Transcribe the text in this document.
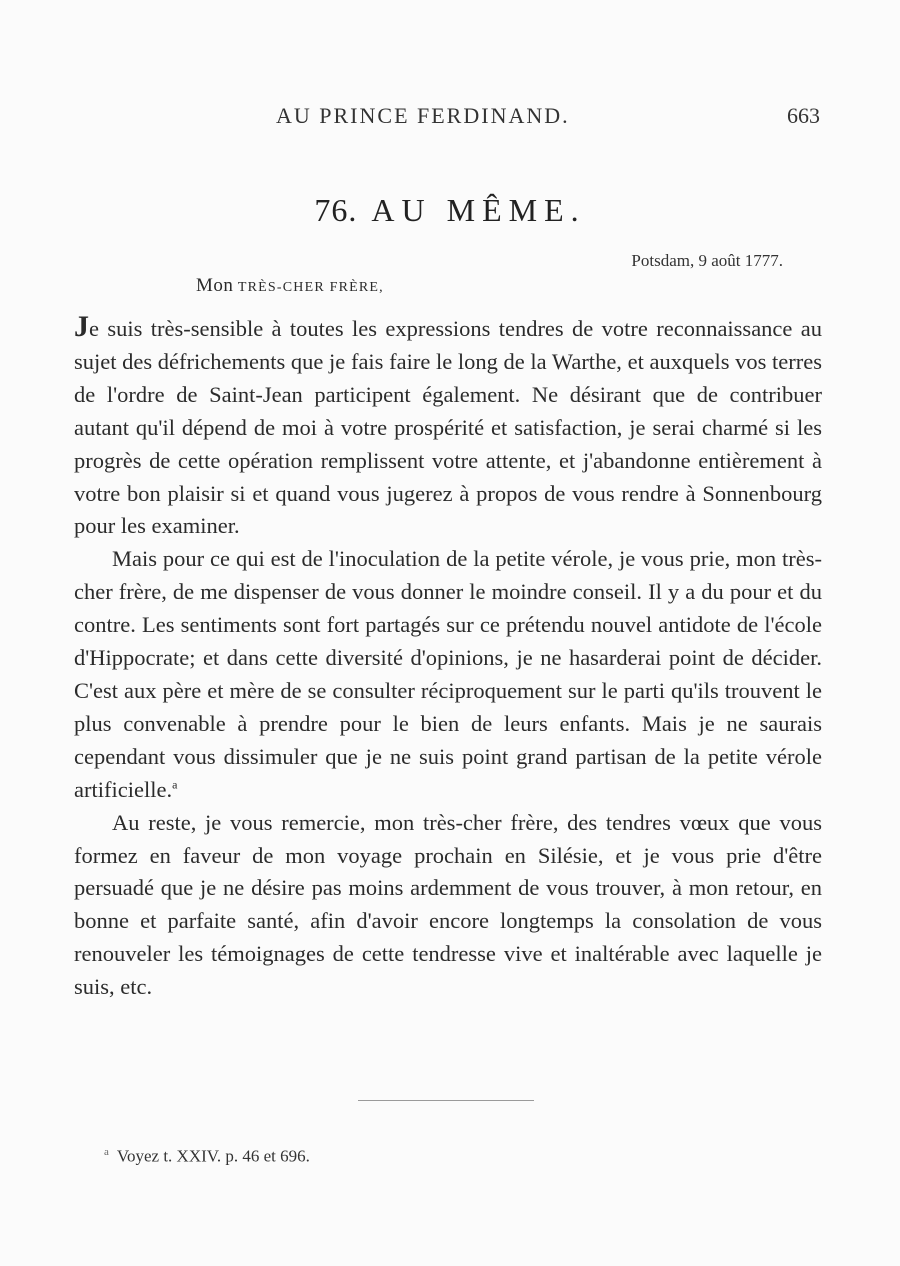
AU PRINCE FERDINAND.	663
76. AU MÊME.
Potsdam, 9 août 1777.
Mon TRÈS-CHER FRÈRE,

Je suis très-sensible à toutes les expressions tendres de votre reconnaissance au sujet des défrichements que je fais faire le long de la Warthe, et auxquels vos terres de l'ordre de Saint-Jean participent également. Ne désirant que de contribuer autant qu'il dépend de moi à votre prospérité et satisfaction, je serai charmé si les progrès de cette opération remplissent votre attente, et j'abandonne entièrement à votre bon plaisir si et quand vous jugerez à propos de vous rendre à Sonnenbourg pour les examiner.

Mais pour ce qui est de l'inoculation de la petite vérole, je vous prie, mon très-cher frère, de me dispenser de vous donner le moindre conseil. Il y a du pour et du contre. Les sentiments sont fort partagés sur ce prétendu nouvel antidote de l'école d'Hippocrate; et dans cette diversité d'opinions, je ne hasarderai point de décider. C'est aux père et mère de se consulter réciproquement sur le parti qu'ils trouvent le plus convenable à prendre pour le bien de leurs enfants. Mais je ne saurais cependant vous dissimuler que je ne suis point grand partisan de la petite vérole artificielle.$^a$

Au reste, je vous remercie, mon très-cher frère, des tendres vœux que vous formez en faveur de mon voyage prochain en Silésie, et je vous prie d'être persuadé que je ne désire pas moins ardemment de vous trouver, à mon retour, en bonne et parfaite santé, afin d'avoir encore longtemps la consolation de vous renouveler les témoignages de cette tendresse vive et inaltérable avec laquelle je suis, etc.

$^a$ Voyez t. XXIV. p. 46 et 696.
